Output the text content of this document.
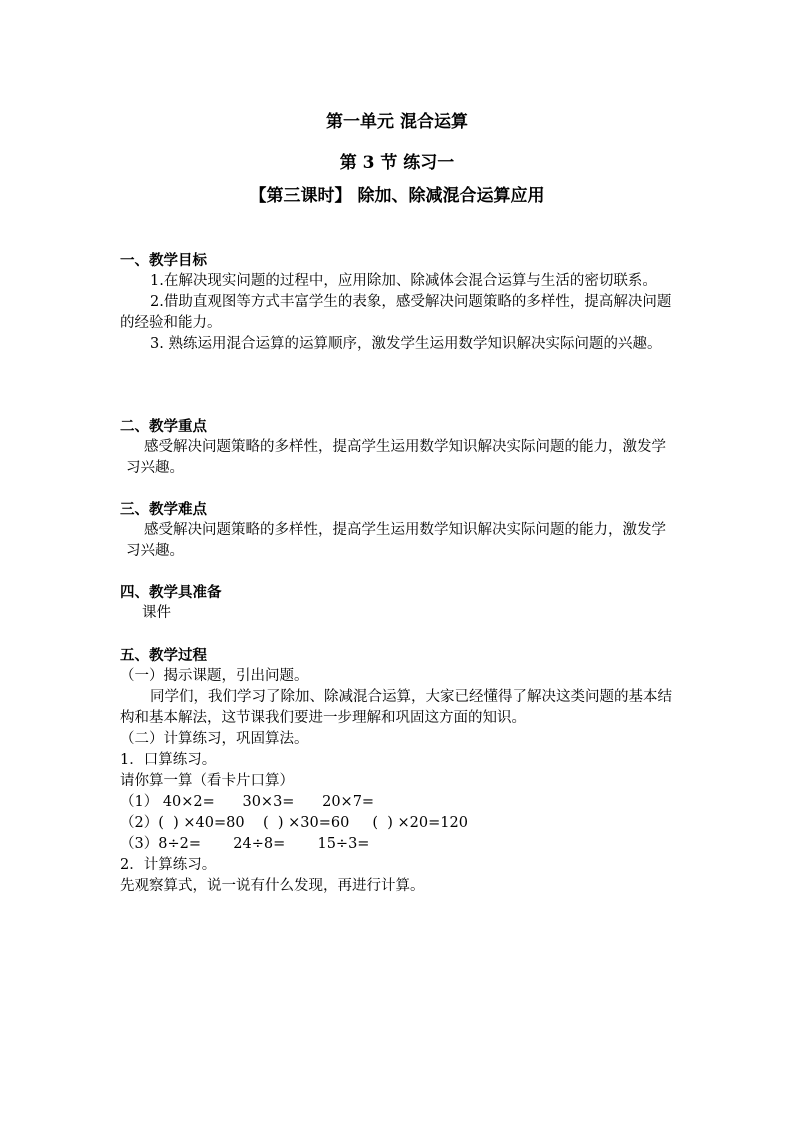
第一单元 混合运算
第 3 节 练习一
【第三课时】 除加、除减混合运算应用

一、教学目标

1.在解决现实问题的过程中，应用除加、除减体会混合运算与生活的密切联系。

2.借助直观图等方式丰富学生的表象，感受解决问题策略的多样性，提高解决问题的经验和能力。

3. 熟练运用混合运算的运算顺序，激发学生运用数学知识解决实际问题的兴趣。

二、教学重点

感受解决问题策略的多样性，提高学生运用数学知识解决实际问题的能力，激发学习兴趣。

三、教学难点

感受解决问题策略的多样性，提高学生运用数学知识解决实际问题的能力，激发学习兴趣。

四、教学具准备

课件

五、教学过程

（一）揭示课题，引出问题。

同学们，我们学习了除加、除减混合运算，大家已经懂得了解决这类问题的基本结构和基本解法，这节课我们要进一步理解和巩固这方面的知识。

（二）计算练习，巩固算法。

1．口算练习。

请你算一算（看卡片口算）

（1） 40×2=      30×3=      20×7=

（2）(  ) ×40=80    (  ) ×30=60     (  ) ×20=120

（3）8÷2=       24÷8=       15÷3=

2．计算练习。

先观察算式，说一说有什么发现，再进行计算。
